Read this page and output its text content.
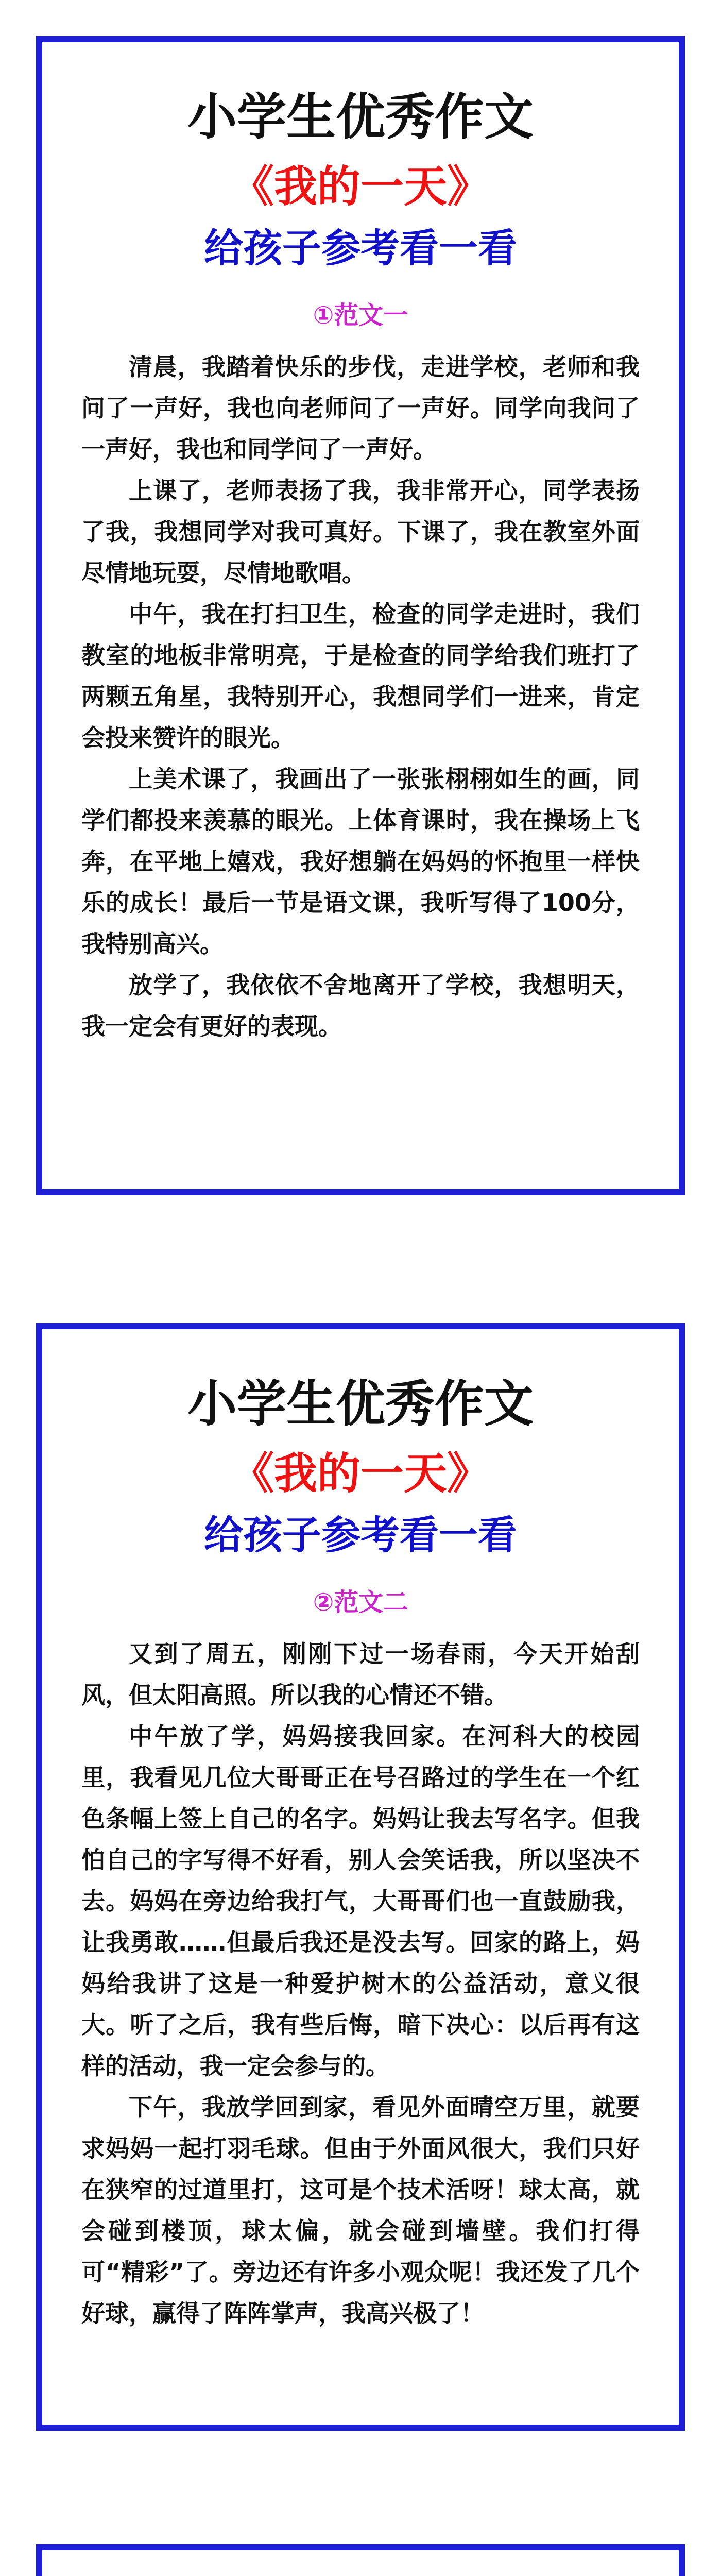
小学生优秀作文
《我的一天》
给孩子参考看一看
①范文一

清晨，我踏着快乐的步伐，走进学校，老师和我问了一声好，我也向老师问了一声好。同学向我问了一声好，我也和同学问了一声好。

上课了，老师表扬了我，我非常开心，同学表扬了我，我想同学对我可真好。下课了，我在教室外面尽情地玩耍，尽情地歌唱。

中午，我在打扫卫生，检查的同学走进时，我们教室的地板非常明亮，于是检查的同学给我们班打了两颗五角星，我特别开心，我想同学们一进来，肯定会投来赞许的眼光。

上美术课了，我画出了一张张栩栩如生的画，同学们都投来羡慕的眼光。上体育课时，我在操场上飞奔，在平地上嬉戏，我好想躺在妈妈的怀抱里一样快乐的成长！最后一节是语文课，我听写得了100分，我特别高兴。

放学了，我依依不舍地离开了学校，我想明天，我一定会有更好的表现。

小学生优秀作文
《我的一天》
给孩子参考看一看
②范文二

又到了周五，刚刚下过一场春雨，今天开始刮风，但太阳高照。所以我的心情还不错。

中午放了学，妈妈接我回家。在河科大的校园里，我看见几位大哥哥正在号召路过的学生在一个红色条幅上签上自己的名字。妈妈让我去写名字。但我怕自己的字写得不好看，别人会笑话我，所以坚决不去。妈妈在旁边给我打气，大哥哥们也一直鼓励我，让我勇敢……但最后我还是没去写。回家的路上，妈妈给我讲了这是一种爱护树木的公益活动，意义很大。听了之后，我有些后悔，暗下决心：以后再有这样的活动，我一定会参与的。

下午，我放学回到家，看见外面晴空万里，就要求妈妈一起打羽毛球。但由于外面风很大，我们只好在狭窄的过道里打，这可是个技术活呀！球太高，就会碰到楼顶，球太偏，就会碰到墙壁。我们打得可“精彩”了。旁边还有许多小观众呢！我还发了几个好球，赢得了阵阵掌声，我高兴极了！
